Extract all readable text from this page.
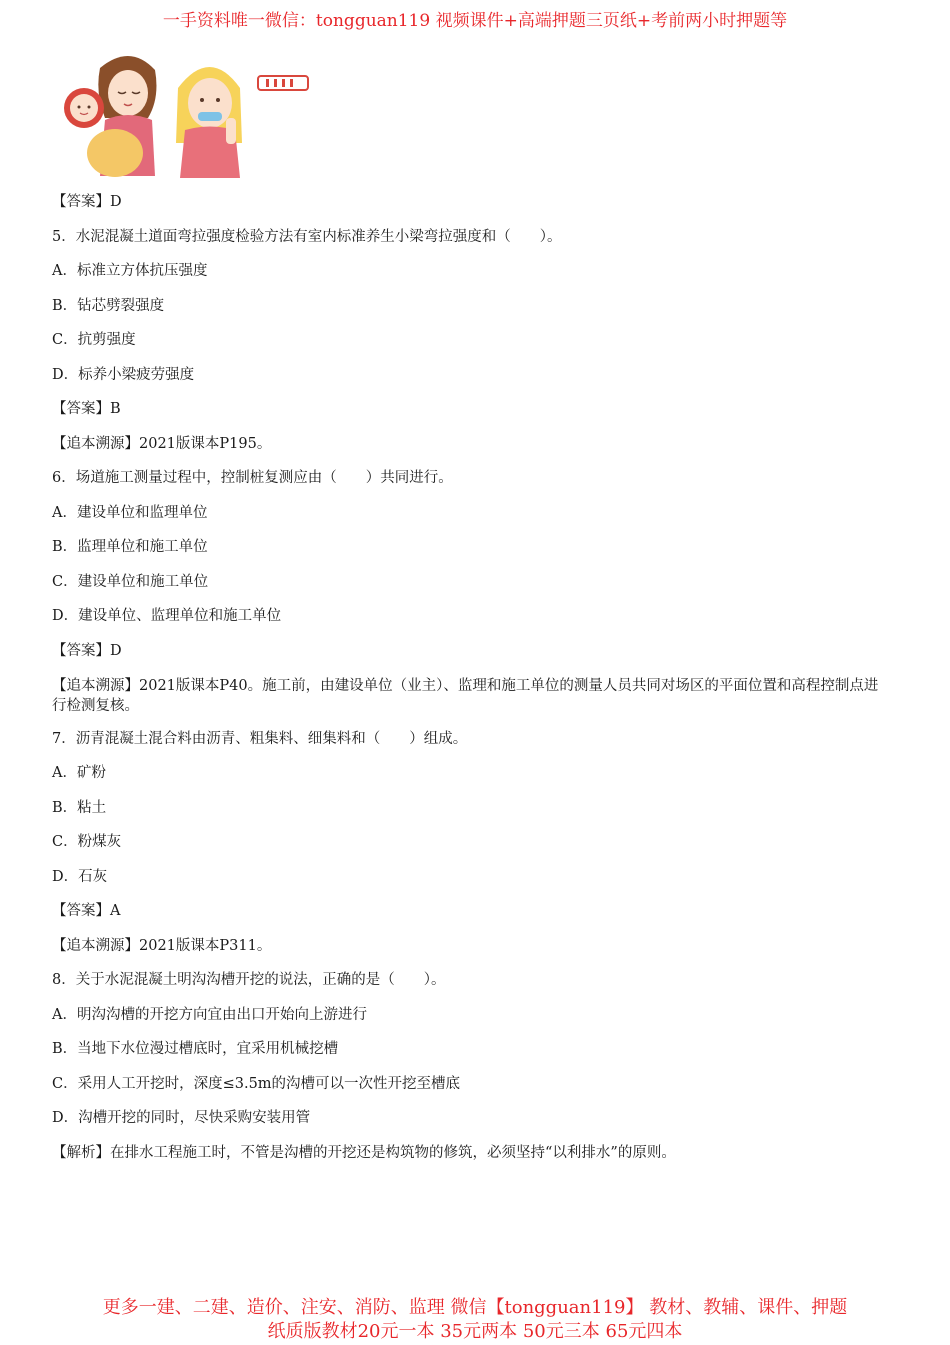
一手资料唯一微信：tongguan119 视频课件+高端押题三页纸+考前两小时押题等
【答案】D
5．水泥混凝土道面弯拉强度检验方法有室内标准养生小梁弯拉强度和（　　）。
A．标准立方体抗压强度
B．钻芯劈裂强度
C．抗剪强度
D．标养小梁疲劳强度
【答案】B
【追本溯源】2021版课本P195。
6．场道施工测量过程中，控制桩复测应由（　　）共同进行。
A．建设单位和监理单位
B．监理单位和施工单位
C．建设单位和施工单位
D．建设单位、监理单位和施工单位
【答案】D
【追本溯源】2021版课本P40。施工前，由建设单位（业主）、监理和施工单位的测量人员共同对场区的平面位置和高程控制点进行检测复核。
7．沥青混凝土混合料由沥青、粗集料、细集料和（　　）组成。
A．矿粉
B．粘土
C．粉煤灰
D．石灰
【答案】A
【追本溯源】2021版课本P311。
8．关于水泥混凝土明沟沟槽开挖的说法，正确的是（　　）。
A．明沟沟槽的开挖方向宜由出口开始向上游进行
B．当地下水位漫过槽底时，宜采用机械挖槽
C．采用人工开挖时，深度≤3.5m的沟槽可以一次性开挖至槽底
D．沟槽开挖的同时，尽快采购安装用管
【解析】在排水工程施工时，不管是沟槽的开挖还是构筑物的修筑，必须坚持“以利排水”的原则。
更多一建、二建、造价、注安、消防、监理 微信【tongguan119】 教材、教辅、课件、押题
纸质版教材20元一本 35元两本 50元三本 65元四本
